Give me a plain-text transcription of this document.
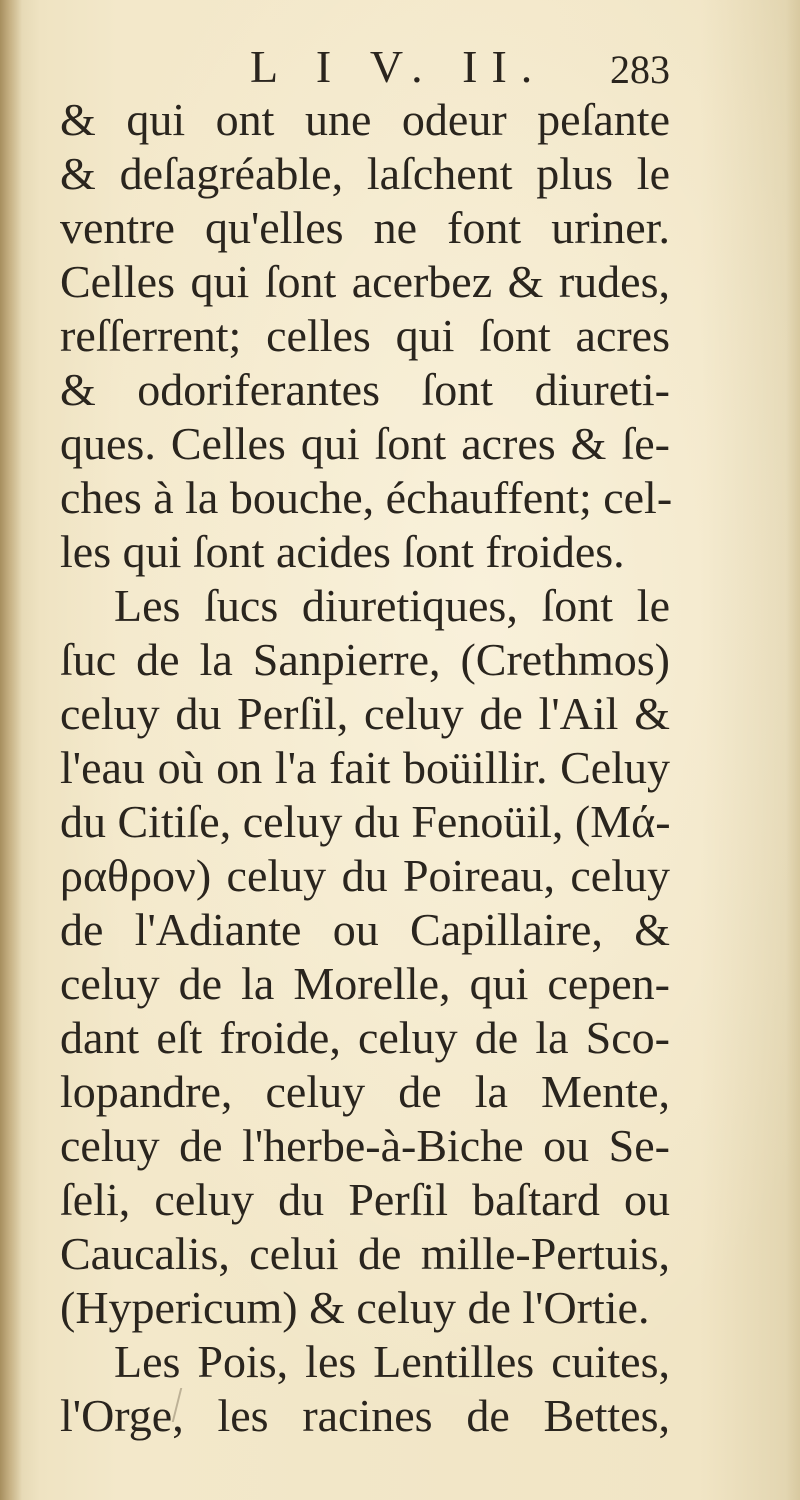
L I V. II. 283
& qui ont une odeur peſante
& deſagréable, laſchent plus le
ventre qu'elles ne font uriner.
Celles qui ſont acerbez & rudes,
reſſerrent; celles qui ſont acres
& odoriferantes ſont diureti-
ques. Celles qui ſont acres & ſe-
ches à la bouche, échauffent; cel-
les qui ſont acides ſont froides.
Les ſucs diuretiques, ſont le
ſuc de la Sanpierre, (Crethmos)
celuy du Perſil, celuy de l'Ail &
l'eau où on l'a fait boüillir. Celuy
du Citiſe, celuy du Fenoüil, (Μά-
ραθρον) celuy du Poireau, celuy
de l'Adiante ou Capillaire, &
celuy de la Morelle, qui cepen-
dant eſt froide, celuy de la Sco-
lopandre, celuy de la Mente,
celuy de l'herbe-à-Biche ou Se-
ſeli, celuy du Perſil baſtard ou
Caucalis, celui de mille-Pertuis,
(Hypericum) & celuy de l'Ortie.
Les Pois, les Lentilles cuites,
l'Orge, les racines de Bettes,
